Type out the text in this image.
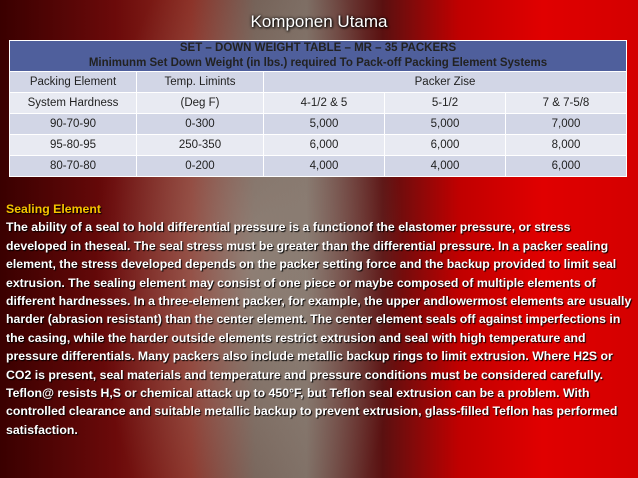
Komponen Utama
SET – DOWN WEIGHT TABLE – MR – 35 PACKERS
Minimunm Set Down Weight (in lbs.) required To Pack-off Packing Element Systems				

Packing Element	Temp. Limints	Packer Zise		
System Hardness	(Deg F)	4-1/2 & 5	5-1/2	7 & 7-5/8
90-70-90	0-300	5,000	5,000	7,000
95-80-95	250-350	6,000	6,000	8,000
80-70-80	0-200	4,000	4,000	6,000
Sealing Element

The ability of a seal to hold differential pressure is a functionof the elastomer pressure, or stress developed in theseal. The seal stress must be greater than the differential pressure. In a packer sealing element, the stress developed depends on the packer setting force and the backup provided to limit seal extrusion. The sealing element may consist of one piece or maybe composed of multiple elements of different hardnesses. In a three-element packer, for example, the upper andlowermost elements are usually harder (abrasion resistant) than the center element. The center element seals off against imperfections in the casing, while the harder outside elements restrict extrusion and seal with high temperature and pressure differentials. Many packers also include metallic backup rings to limit extrusion. Where H2S or CO2 is present, seal materials and temperature and pressure conditions must be considered carefully. Teflon@ resists H,S or chemical attack up to 450°F, but Teflon seal extrusion can be a problem. With controlled clearance and suitable metallic backup to prevent extrusion, glass-filled Teflon has performed satisfaction.
